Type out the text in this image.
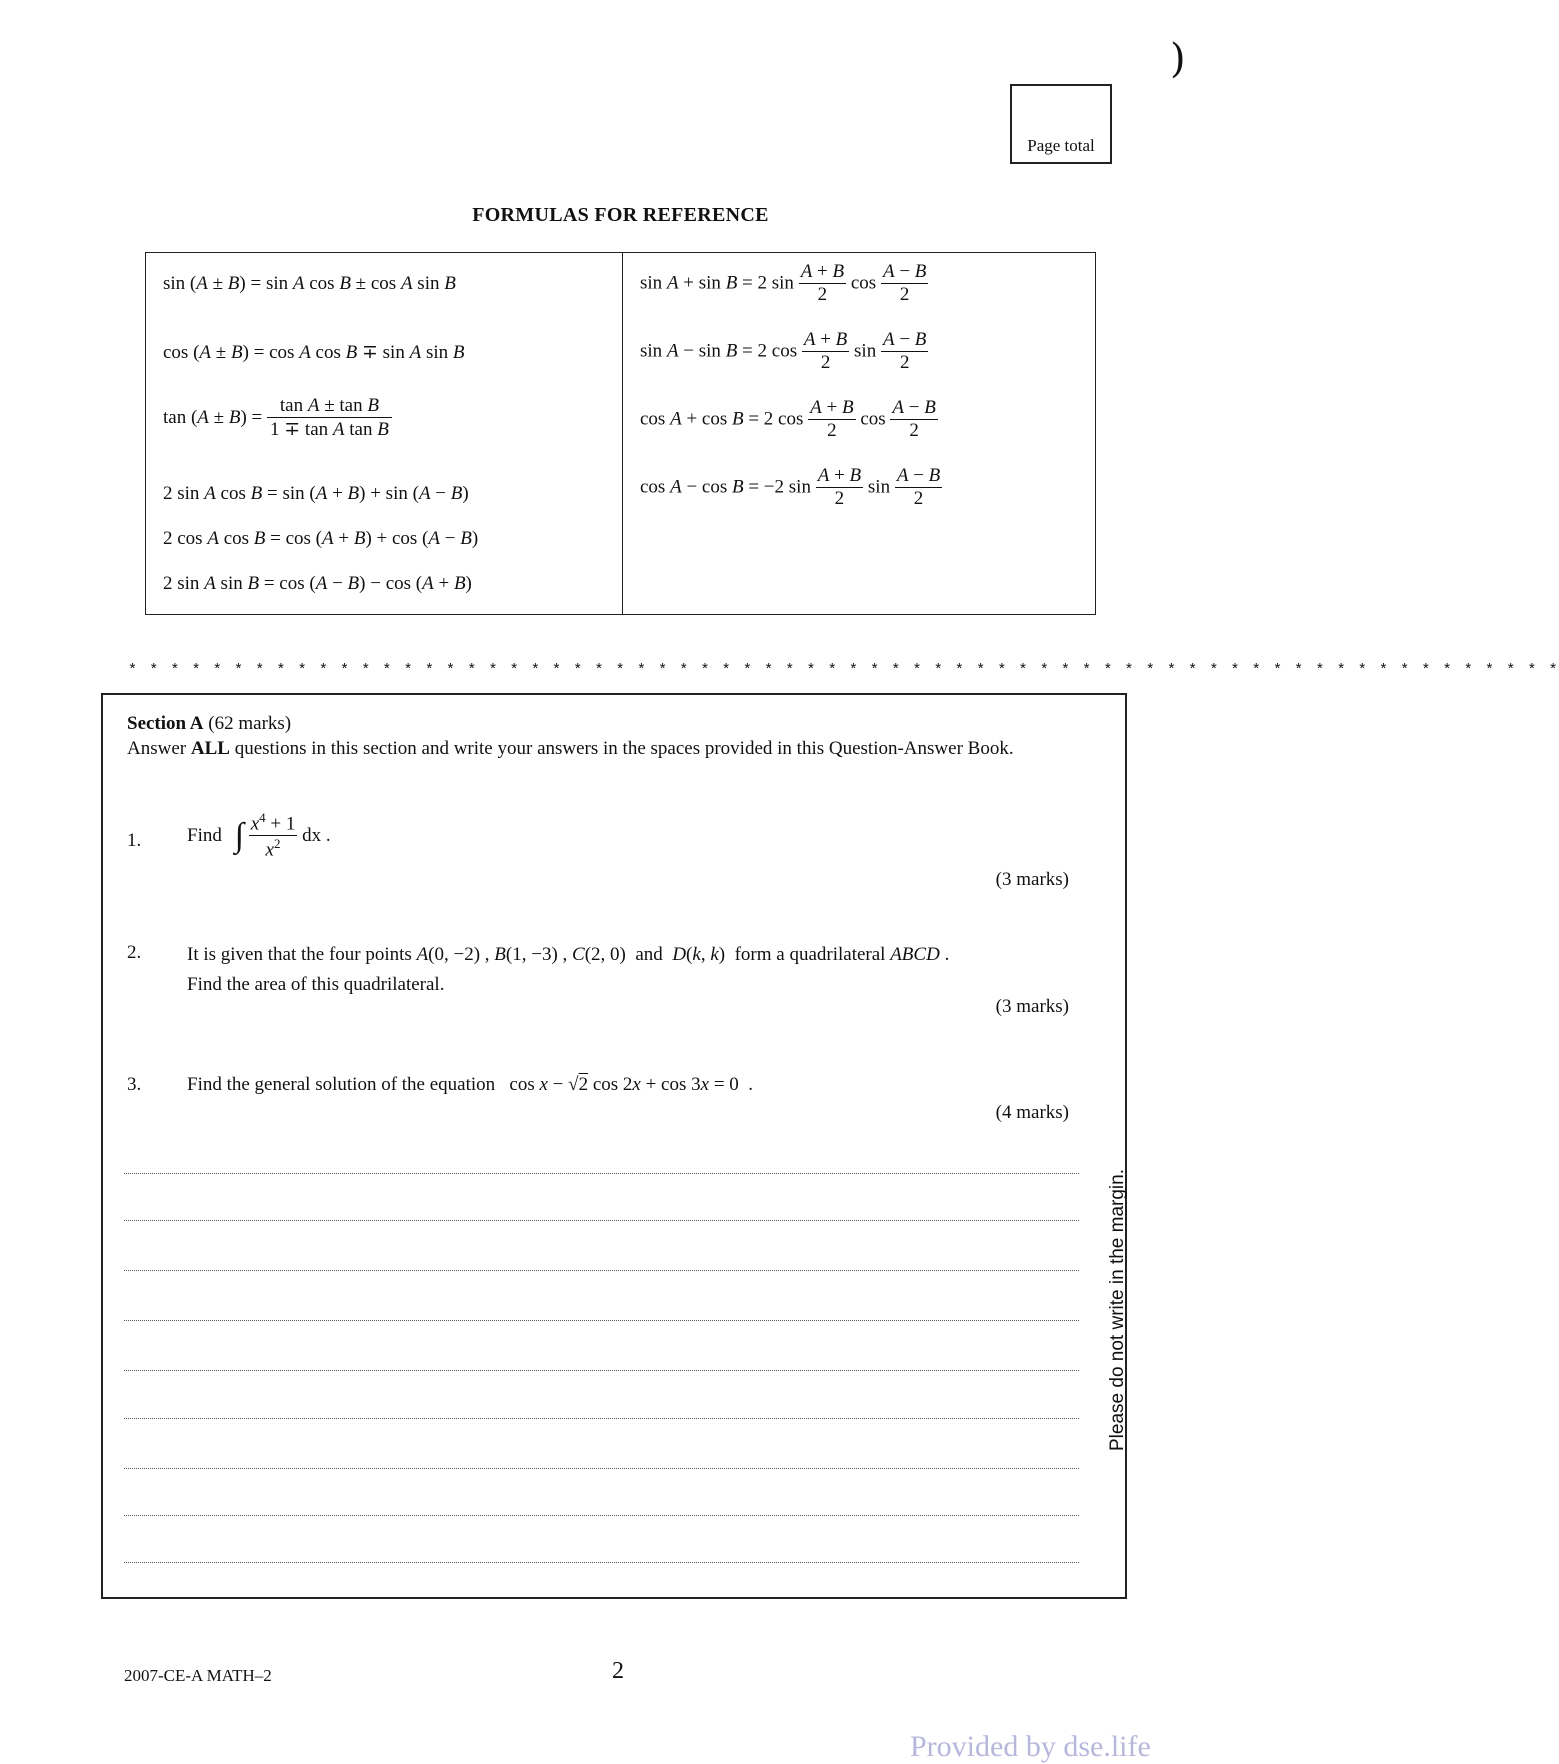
)
Page total
FORMULAS FOR REFERENCE
sin (A ± B) = sin A cos B ± cos A sin B
cos (A ± B) = cos A cos B ∓ sin A sin B
$\tan (A \pm B) = \frac{\text{tan A ± tan B}}{\text{1 ∓ tan A tan B}}$
2 sin A cos B = sin (A + B) + sin (A − B)
2 cos A cos B = cos (A + B) + cos (A − B)
2 sin A sin B = cos (A − B) − cos (A + B)
sin A + sin B = 2 $\sin \frac{A + B}{2}$ $\cos \frac{A - B}{2}$
sin A − sin B = 2 $\cos \frac{A + B}{2}$ $\sin \frac{A - B}{2}$
cos A + cos B = 2 $\cos \frac{A + B}{2}$ $\cos \frac{A - B}{2}$
cos A − cos B = −2 $\sin \frac{A + B}{2}$ $\sin \frac{A - B}{2}$
* * * * * * * * * * * * * * * * * * * * * * * * * * * * * * * * * * * * * * * * * * * * * * * * * * * * * * * * * * * * * * * * * * * *
Section A (62 marks)
Answer ALL questions in this section and write your answers in the spaces provided in this Question-Answer Book.
1. Find ∫ $\frac{x^4 + 1}{x^2}$ dx .
(3 marks)
2. It is given that the four points A(0, −2) , B(1, −3) , C(2, 0)  and  D(k, k)  form a quadrilateral ABCD .
Find the area of this quadrilateral.
(3 marks)
3. Find the general solution of the equation   cos x − √2 cos 2x + cos 3x = 0  .
(4 marks)
Please do not write in the margin.
2007-CE-A MATH–2	2
Provided by dse.life
